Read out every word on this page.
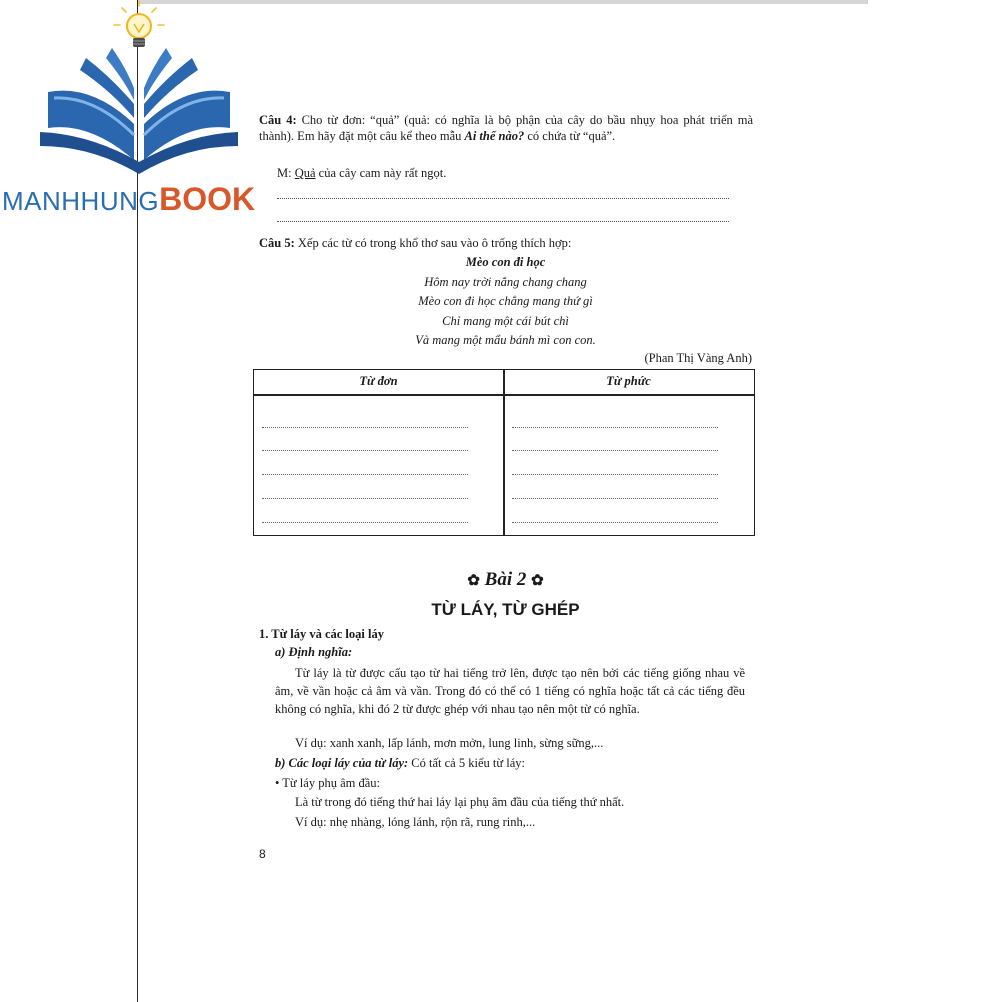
MANHHUNGBOOK
Câu 4: Cho từ đơn: “quả” (quả: có nghĩa là bộ phận của cây do bầu nhụy hoa phát triển mà thành). Em hãy đặt một câu kể theo mẫu Ai thế nào? có chứa từ “quả”.
M: Quả của cây cam này rất ngọt.
Câu 5: Xếp các từ có trong khổ thơ sau vào ô trống thích hợp:
Mèo con đi học
Hôm nay trời nắng chang chang
Mèo con đi học chẳng mang thứ gì
Chỉ mang một cái bút chì
Và mang một mẩu bánh mì con con.
(Phan Thị Vàng Anh)
Từ đơn	Từ phức
✿ Bài 2 ✿
TỪ LÁY, TỪ GHÉP
1. Từ láy và các loại láy
a) Định nghĩa:
Từ láy là từ được cấu tạo từ hai tiếng trở lên, được tạo nên bởi các tiếng giống nhau về âm, về vần hoặc cả âm và vần. Trong đó có thể có 1 tiếng có nghĩa hoặc tất cả các tiếng đều không có nghĩa, khi đó 2 từ được ghép với nhau tạo nên một từ có nghĩa.
Ví dụ: xanh xanh, lấp lánh, mơn mởn, lung linh, sừng sững,...
b) Các loại láy của từ láy: Có tất cả 5 kiểu từ láy:
• Từ láy phụ âm đầu:
Là từ trong đó tiếng thứ hai láy lại phụ âm đầu của tiếng thứ nhất.
Ví dụ: nhẹ nhàng, lóng lánh, rộn rã, rung rinh,...
8
